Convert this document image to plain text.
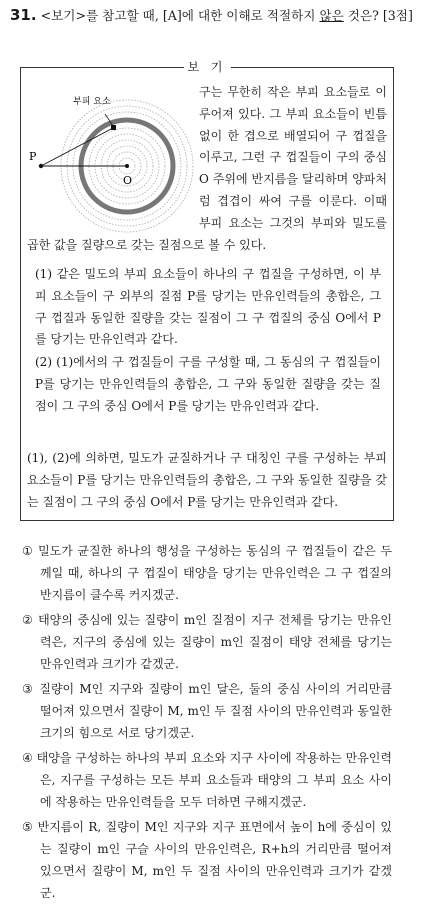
31. <보기>를 참고할 때, [A]에 대한 이해로 적절하지 않은 것은? [3점]
보 기
부피 요소
P
O
구는 무한히 작은 부피 요소들로 이루어져 있다. 그 부피 요소들이 빈틈없이 한 겹으로 배열되어 구 껍질을 이루고, 그런 구 껍질들이 구의 중심 O 주위에 반지름을 달리하며 양파처럼 겹겹이 싸여 구를 이룬다. 이때 부피 요소는 그것의 부피와 밀도를 곱한 값을 질량으로 갖는 질점으로 볼 수 있다.
(1) 같은 밀도의 부피 요소들이 하나의 구 껍질을 구성하면, 이 부피 요소들이 구 외부의 질점 P를 당기는 만유인력들의 총합은, 그 구 껍질과 동일한 질량을 갖는 질점이 그 구 껍질의 중심 O에서 P를 당기는 만유인력과 같다.
(2) (1)에서의 구 껍질들이 구를 구성할 때, 그 동심의 구 껍질들이 P를 당기는 만유인력들의 총합은, 그 구와 동일한 질량을 갖는 질점이 그 구의 중심 O에서 P를 당기는 만유인력과 같다.
(1), (2)에 의하면, 밀도가 균질하거나 구 대칭인 구를 구성하는 부피 요소들이 P를 당기는 만유인력들의 총합은, 그 구와 동일한 질량을 갖는 질점이 그 구의 중심 O에서 P를 당기는 만유인력과 같다.
① 밀도가 균질한 하나의 행성을 구성하는 동심의 구 껍질들이 같은 두께일 때, 하나의 구 껍질이 태양을 당기는 만유인력은 그 구 껍질의 반지름이 클수록 커지겠군.
② 태양의 중심에 있는 질량이 m인 질점이 지구 전체를 당기는 만유인력은, 지구의 중심에 있는 질량이 m인 질점이 태양 전체를 당기는 만유인력과 크기가 같겠군.
③ 질량이 M인 지구와 질량이 m인 달은, 둘의 중심 사이의 거리만큼 떨어져 있으면서 질량이 M, m인 두 질점 사이의 만유인력과 동일한 크기의 힘으로 서로 당기겠군.
④ 태양을 구성하는 하나의 부피 요소와 지구 사이에 작용하는 만유인력은, 지구를 구성하는 모든 부피 요소들과 태양의 그 부피 요소 사이에 작용하는 만유인력들을 모두 더하면 구해지겠군.
⑤ 반지름이 R, 질량이 M인 지구와 지구 표면에서 높이 h에 중심이 있는 질량이 m인 구슬 사이의 만유인력은, R+h의 거리만큼 떨어져 있으면서 질량이 M, m인 두 질점 사이의 만유인력과 크기가 같겠군.
